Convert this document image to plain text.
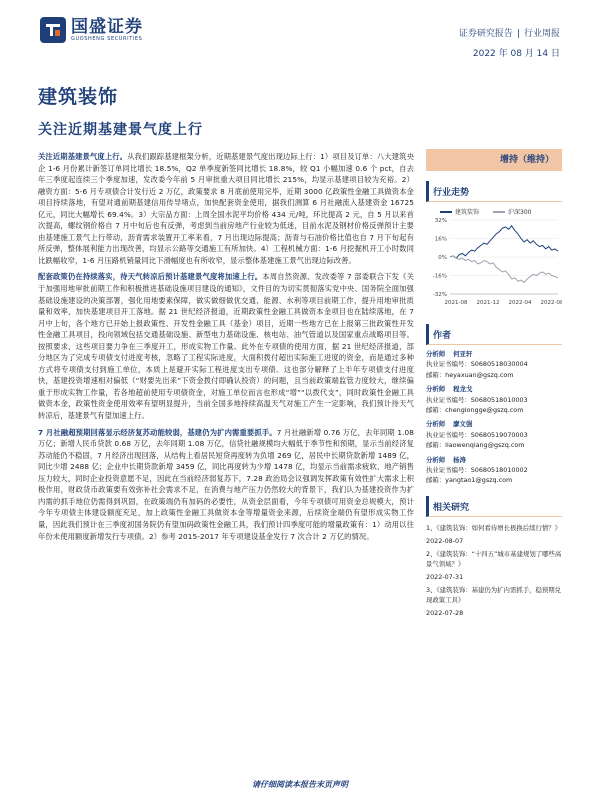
国盛证券
GUOSHENG SECURITIES	证券研究报告 | 行业周报
2022 年 08 月 14 日
建筑装饰
关注近期基建景气度上行

关注近期基建景气度上行。从我们跟踪基建框架分析，近期基建景气度出现边际上行：1）项目及订单：八大建筑央企 1-6 月份累计新签订单同比增长 18.5%，Q2 单季度新签同比增长 18.8%，较 Q1 小幅加速 0.6 个 pct，自去年三季度起连续三个季度加速，发改委今年前 5 月审批重大项目同比增长 215%，均显示基建项目较为充裕。2）融资方面：5-6 月专项债合计发行近 2 万亿，政策要求 8 月底前使用完毕，近期 3000 亿政策性金融工具做资本金项目持续落地，有望对通前期基建信用传导堵点，加快配套资金使用，据我们测算 6 月社融流入基建资金 16725 亿元，同比大幅增长 69.4%。3）大宗品方面：上周全国水泥平均价格 434 元/吨，环比提高 2 元，自 5 月以来首次提高，螺纹钢价格自 7 月中旬后也有反弹，考虑到当前房地产行业较为低迷，目前水泥及钢材价格反弹预计主要由基建施工景气上行带动，沥青需求装置开工率来看，7 月出现边际提高；沥青与石油价格比值也自 7 月下旬起有所反弹，整体展利能力出现改善，均显示公路等交通施工有所加快。4）工程机械方面：1-6 月挖掘机开工小时数同比跌幅收窄，1-6 月压路机销量同比下滑幅度也有所收窄，显示整体基建施工景气出现边际改善。

配套政策仍在持续落实，待天气转凉后预计基建景气度将加速上行。本周自然资源、发改委等 7 部委联合下发《关于加强用地审批前期工作和积极推进基础设施项目建设的通知》，文件目的为切实贯彻落实党中央、国务院全面加强基础设施建设的决策部署，强化用地要素保障，做实做细做优交通、能源、水利等项目前期工作，提升用地审批质量和效率，加快基建项目开工落地。据 21 世纪经济报道，近期政策性金融工具做资本金项目也在陆续落地，在 7 月中上旬，各个地方已开始上报政策性、开发性金融工具（基金）项目，近期一些地方已在上报第三批政策性开发性金融工具项目，投向领域包括交通基础设施、新型电力基础设施、核电站、油气管道以及国家重点战略项目等。按照要求，这些项目要力争在三季度开工，形成实物工作量。此外在专项债的使用方面，据 21 世纪经济报道，部分地区为了完成专项债支付进度考核，忽略了工程实际进度，大面积拨付超出实际施工进度的资金，而是通过多种方式将专项债支付到施工单位，本质上是避开实际工程进度支出专项债。这也部分解释了上半年专项债支付进度快，基建投资增速相对偏低（“财要先出来”下资金拨付即确认投资）的问题，且当前政策端监管力度较大，继续偏重于形成实物工作量，若各地超前使用专项债资金，对施工单位而言也形成“增”“以拨代支”，同时政策性金融工具做资本金，政策性资金使用效率有望明显提升，当前全国多地持续高温天气对施工产生一定影响，我们预计待天气转凉后，基建景气有望加速上行。

7 月社融超预期回落显示经济复苏动能较弱，基建仍为扩内需重要抓手。7 月社融新增 0.76 万亿，去年同期 1.08 万亿；新增人民币贷款 0.68 万亿，去年同期 1.08 万亿，信贷社融规模均大幅低于季节性和预期，显示当前经济复苏动能仍不稳固，7 月经济出现回落，从结构上看居民短贷再度转为负增 269 亿，居民中长期贷款新增 1489 亿，同比少增 2488 亿；企业中长期贷款新增 3459 亿，同比再度转为少增 1478 亿，均显示当前需求疲软、地产销售压力较大，同时企业投资意愿不足，因此在当前经济弱复苏下，7.28 政治局会议强调发挥政策有效性扩大需求上积极作用，财政货币政策要有效弥补社会需求不足，在消费与地产压力仍然较大的背景下，我们认为基建投资作为扩内需的抓手地位仍需得到巩固，在政策端仍有加码的必要性，从资金层面看，今年专项债可用资金总规模大，预计今年专项债主体建设额度充足，加上政策性金融工具做资本金等增量资金来源，后续资金端仍有望形成实物工作量，因此我们预计在三季度初国务院仍有望加码政策性金融工具，我们预计四季度可能的增量政策有：1）动用以往年份未使用额度新增发行专项债。2）参考 2015-2017 年专项建设基金发行 7 次合计 2 万亿的情况。

增持（维持）
行业走势
建筑装饰	沪深300
32%
16%
0%
-16%
-32%
2021-08 2021-12 2022-04 2022-08
作者
分析师 何亚轩
执业证书编号：S0680518030004
邮箱：heyaxuan@gszq.com
分析师 程龙戈
执业证书编号：S0680518010003
邮箱：chenglongge@gszq.com
分析师 廖文强
执业证书编号：S0680519070003
邮箱：liaowenqiang@gszq.com
分析师 杨涛
执业证书编号：S0680518010002
邮箱：yangtao1@gszq.com
相关研究
1、《建筑装饰：如何看待增长极换后续行情？》
2022-08-07
2、《建筑装饰：“十四五”城市基建规划了哪些高景气领域？》
2022-07-31
3、《建筑装饰：基建仍为扩内需抓手，稳预期兑现政策工具》
2022-07-28
请仔细阅读本报告末页声明
